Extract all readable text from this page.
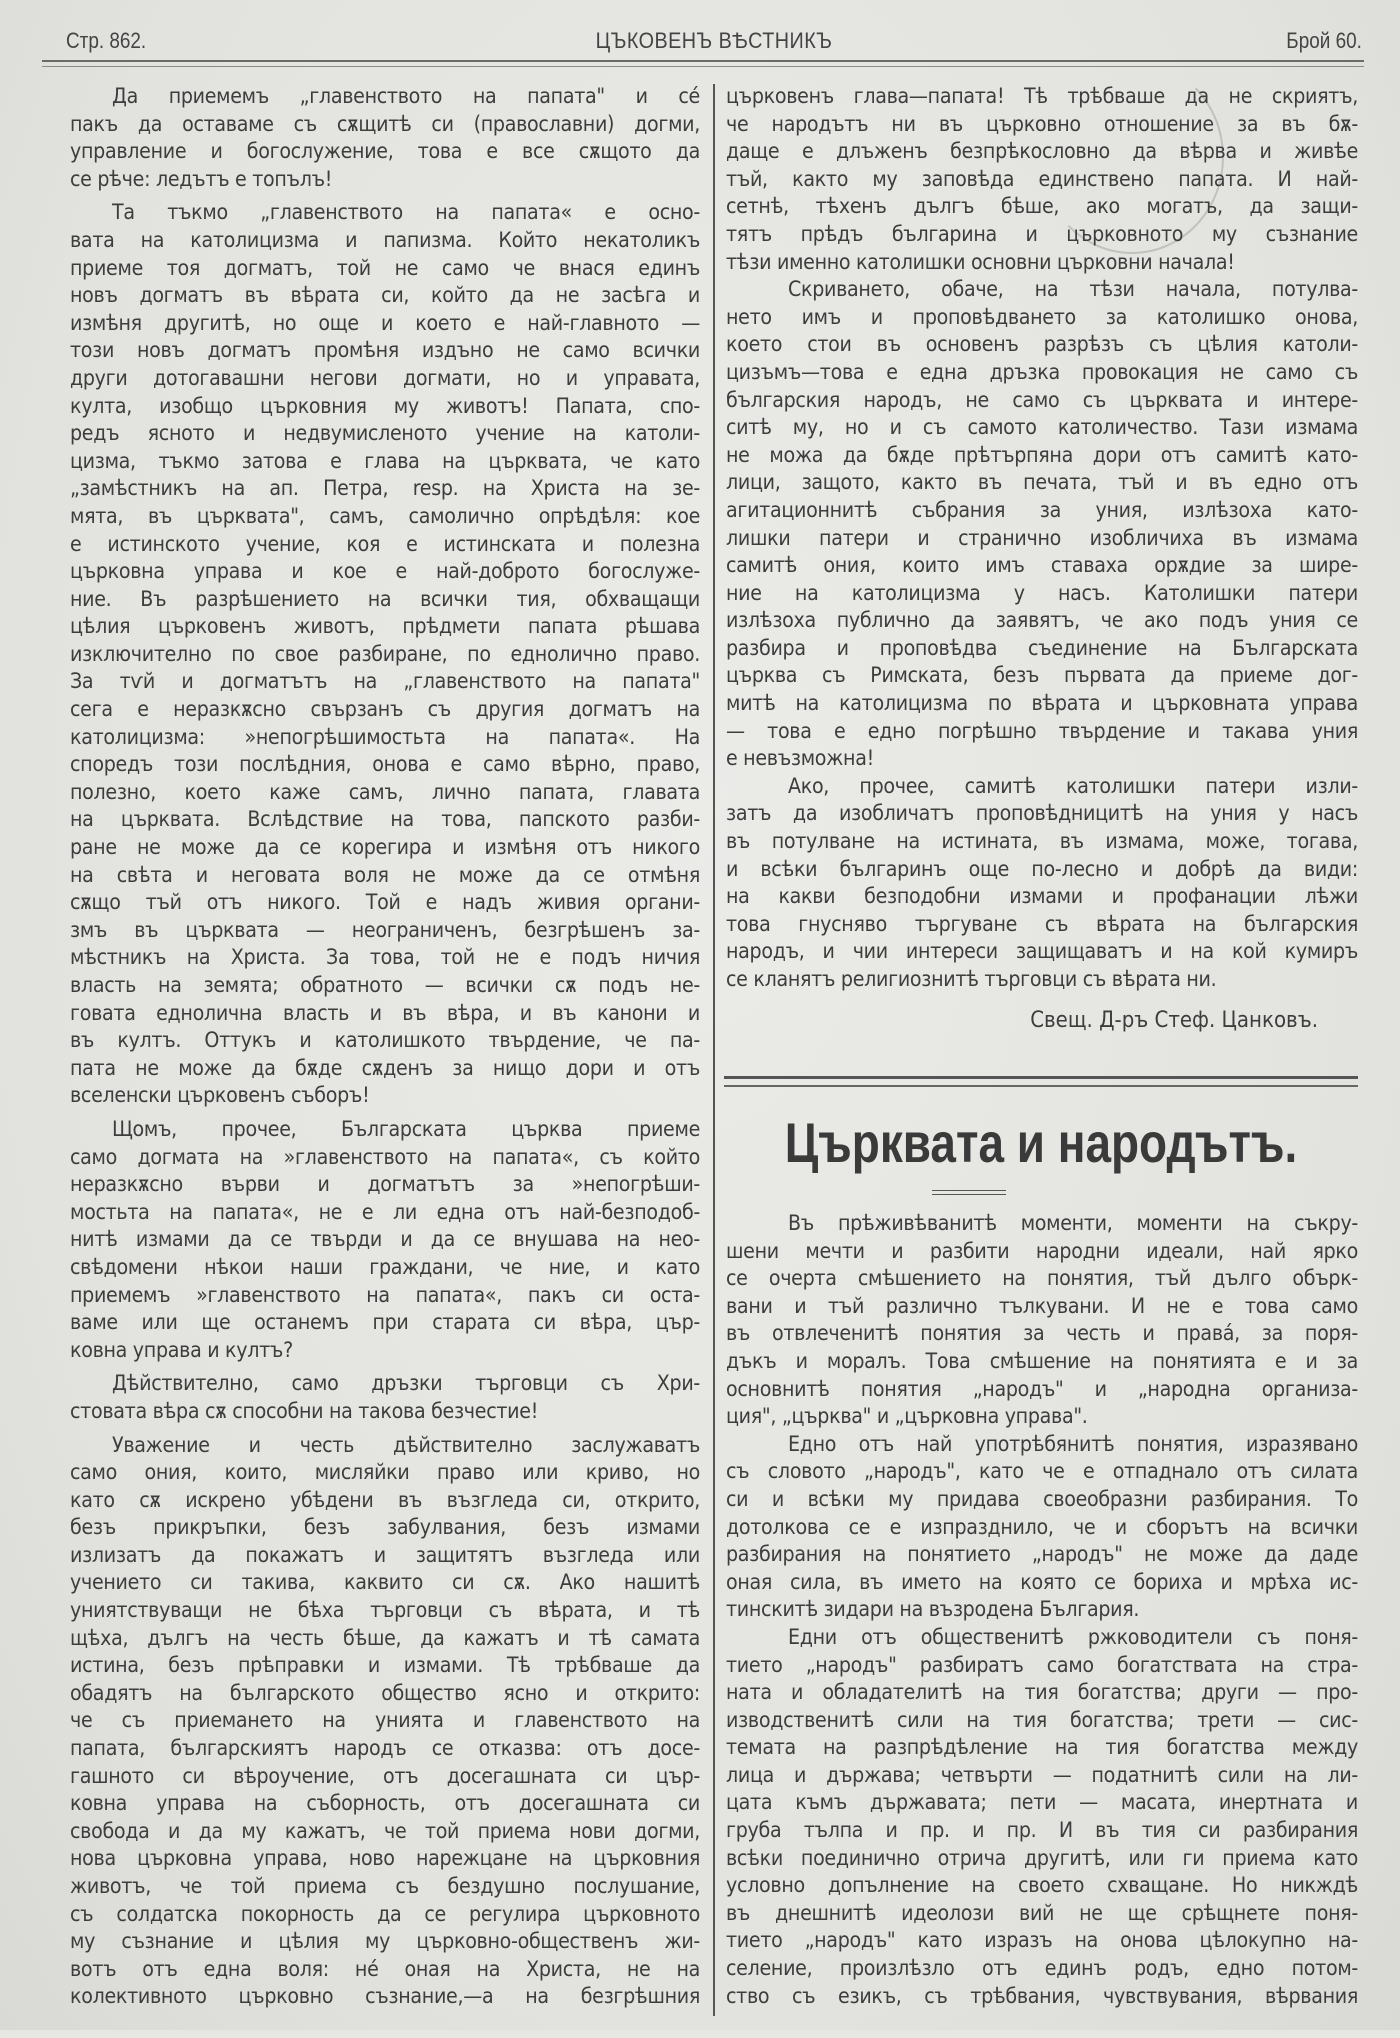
Стр. 862.	ЦЪКОВЕНЪ ВѢСТНИКЪ	Брой 60.
Да приемемъ „главенството на папата" и се́
пакъ да оставаме съ сѫщитѣ си (православни) догми,
управление и богослужение, това е все сѫщото да
се рѣче: ледътъ е топълъ!
Та тъкмо „главенството на папата« е осно-
вата на католицизма и папизма. Който некатоликъ
приеме тоя догматъ, той не само че внася единъ
новъ догматъ въ вѣрата си, който да не засѣга и
измѣня другитѣ, но още и което е най-главното —
този новъ догматъ промѣня издъно не само всички
други дотогавашни негови догмати, но и управата,
култа, изобщо църковния му животъ! Папата, спо-
редъ ясното и недвумисленото учение на католи-
цизма, тъкмо затова е глава на църквата, че като
„замѣстникъ на ап. Петра, resp. на Христа на зе-
мята, въ църквата", самъ, самолично опрѣдѣля: кое
е истинското учение, коя е истинската и полезна
църковна управа и кое е най-доброто богослуже-
ние. Въ разрѣшението на всички тия, обхващащи
цѣлия църковенъ животъ, прѣдмети папата рѣшава
изключително по свое разбиране, по еднолично право.
За тѵй и догматътъ на „главенството на папата"
сега е неразкѫсно свързанъ съ другия догматъ на
католицизма: »непогрѣшимостьта на папата«. На
споредъ този послѣдния, онова е само вѣрно, право,
полезно, което каже самъ, лично папата, главата
на църквата. Вслѣдствие на това, папското разби-
ране не може да се корегира и измѣня отъ никого
на свѣта и неговата воля не може да се отмѣня
сѫщо тъй отъ никого. Той е надъ живия органи-
змъ въ църквата — неограниченъ, безгрѣшенъ за-
мѣстникъ на Христа. За това, той не е подъ ничия
власть на земята; обратното — всички сѫ подъ не-
говата еднолична власть и въ вѣра, и въ канони и
въ култъ. Оттукъ и католишкото твърдение, че па-
пата не може да бѫде сѫденъ за нищо дори и отъ
вселенски църковенъ съборъ!
Щомъ, прочее, Българската църква приеме
само догмата на »главенството на папата«, съ който
неразкѫсно върви и догматътъ за »непогрѣши-
мостьта на папата«, не е ли една отъ най-безподоб-
нитѣ измами да се твърди и да се внушава на нео-
свѣдомени нѣкои наши граждани, че ние, и като
приемемъ »главенството на папата«, пакъ си оста-
ваме или ще останемъ при старата си вѣра, цър-
ковна управа и култъ?
Дѣйствително, само дръзки търговци съ Хри-
стовата вѣра сѫ способни на такова безчестие!
Уважение и честь дѣйствително заслужаватъ
само ония, които, мисляйки право или криво, но
като сѫ искрено убѣдени въ възгледа си, открито,
безъ прикръпки, безъ забулвания, безъ измами
излизатъ да покажатъ и защитятъ възгледа или
учението си такива, каквито си сѫ. Ако нашитѣ
униятствуващи не бѣха търговци съ вѣрата, и тѣ
щѣха, дългъ на честь бѣше, да кажатъ и тѣ самата
истина, безъ прѣправки и измами. Тѣ трѣбваше да
обадятъ на българското общество ясно и открито:
че съ приемането на унията и главенството на
папата, българскиятъ народъ се отказва: отъ досе-
гашното си вѣроучение, отъ досегашната си цър-
ковна управа на съборность, отъ досегашната си
свобода и да му кажатъ, че той приема нови догми,
нова църковна управа, ново нарежцане на църковния
животъ, че той приема съ бездушно послушание,
съ солдатска покорность да се регулира църковното
му съзнание и цѣлия му църковно-общественъ жи-
вотъ отъ една воля: не́ оная на Христа, не на
колективното църковно съзнание,—а на безгрѣшния
църковенъ глава—папата! Тѣ трѣбваше да не скриятъ,
че народътъ ни въ църковно отношение за въ бѫ-
даще е длъженъ безпрѣкословно да вѣрва и живѣе
тъй, както му заповѣда единствено папата. И най-
сетнѣ, тѣхенъ дългъ бѣше, ако могатъ, да защи-
тятъ прѣдъ българина и църковното му съзнание
тѣзи именно католишки основни църковни начала!
Скриването, обаче, на тѣзи начала, потулва-
нето имъ и проповѣдването за католишко онова,
което стои въ основенъ разрѣзъ съ цѣлия католи-
цизъмъ—това е една дръзка провокация не само съ
българския народъ, не само съ църквата и интере-
ситѣ му, но и съ самото католичество. Тази измама
не можа да бѫде прѣтърпяна дори отъ самитѣ като-
лици, защото, както въ печата, тъй и въ едно отъ
агитационнитѣ събрания за уния, излѣзоха като-
лишки патери и странично изобличиха въ измама
самитѣ ония, които имъ ставаха орѫдие за шире-
ние на католицизма у насъ. Католишки патери
излѣзоха публично да заявятъ, че ако подъ уния се
разбира и проповѣдва съединение на Българската
църква съ Римската, безъ първата да приеме дог-
митѣ на католицизма по вѣрата и църковната управа
— това е едно погрѣшно твърдение и такава уния
е невъзможна!
Ако, прочее, самитѣ католишки патери изли-
затъ да изобличатъ проповѣдницитѣ на уния у насъ
въ потулване на истината, въ измама, може, тогава,
и всѣки българинъ още по-лесно и добрѣ да види:
на какви безподобни измами и профанации лѣжи
това гнусняво търгуване съ вѣрата на българския
народъ, и чии интереси защищаватъ и на кой кумиръ
се кланятъ религиознитѣ търговци съ вѣрата ни.
Свещ. Д-ръ Стеф. Цанковъ.
Църквата и народътъ.
Въ прѣживѣванитѣ моменти, моменти на съкру-
шени мечти и разбити народни идеали, най ярко
се очерта смѣшението на понятия, тъй дълго обърк-
вани и тъй различно тълкувани. И не е това само
въ отвлеченитѣ понятия за честь и права́, за поря-
дъкъ и моралъ. Това смѣшение на понятията е и за
основнитѣ понятия „народъ" и „народна организа-
ция", „църква" и „църковна управа".
Едно отъ най употрѣбянитѣ понятия, изразявано
съ словото „народъ", като че е отпаднало отъ силата
си и всѣки му придава своеобразни разбирания. То
дотолкова се е изпразднило, че и сборътъ на всички
разбирания на понятието „народъ" не може да даде
оная сила, въ името на която се бориха и мрѣха ис-
тинскитѣ зидари на възродена България.
Едни отъ общественитѣ ржководители съ поня-
тието „народъ" разбиратъ само богатствата на стра-
ната и обладателитѣ на тия богатства; други — про-
изводственитѣ сили на тия богатства; трети — сис-
темата на разпрѣдѣление на тия богатства между
лица и държава; четвърти — податнитѣ сили на ли-
цата къмъ държавата; пети — масата, инертната и
груба тълпа и пр. и пр. И въ тия си разбирания
всѣки поединично отрича другитѣ, или ги приема като
условно допълнение на своето схващане. Но никждѣ
въ днешнитѣ идеолози вий не ще срѣщнете поня-
тието „народъ" като изразъ на онова цѣлокупно на-
селение, произлѣзло отъ единъ родъ, едно потом-
ство съ езикъ, съ трѣбвания, чувствувания, вѣрвания
